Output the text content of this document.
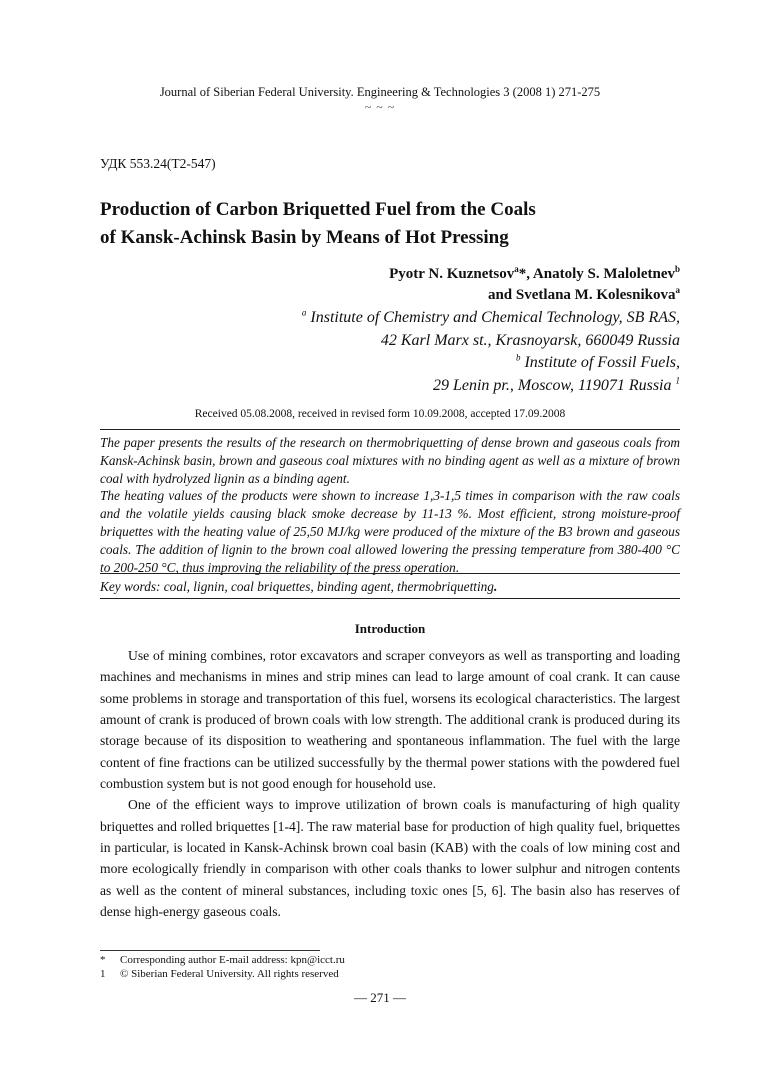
Journal of Siberian Federal University. Engineering & Technologies 3 (2008 1) 271-275
~ ~ ~
УДК 553.24(Т2-547)
Production of Carbon Briquetted Fuel from the Coals
of Kansk-Achinsk Basin by Means of Hot Pressing
Pyotr N. Kuznetsov$^a$*, Anatoly S. Maloletnev$^b$
and Svetlana M. Kolesnikova$^a$
$^a$ Institute of Chemistry and Chemical Technology, SB RAS,
42 Karl Marx st., Krasnoyarsk, 660049 Russia
$^b$ Institute of Fossil Fuels,
29 Lenin pr., Moscow, 119071 Russia $^1$
Received 05.08.2008, received in revised form 10.09.2008, accepted 17.09.2008

The paper presents the results of the research on thermobriquetting of dense brown and gaseous coals from Kansk-Achinsk basin, brown and gaseous coal mixtures with no binding agent as well as a mixture of brown coal with hydrolyzed lignin as a binding agent.

The heating values of the products were shown to increase 1,3-1,5 times in comparison with the raw coals and the volatile yields causing black smoke decrease by 11-13 %. Most efficient, strong moisture-proof briquettes with the heating value of 25,50 MJ/kg were produced of the mixture of the B3 brown and gaseous coals. The addition of lignin to the brown coal allowed lowering the pressing temperature from 380-400 °C to 200-250 °C, thus improving the reliability of the press operation.

Key words: coal, lignin, coal briquettes, binding agent, thermobriquetting.
Introduction

Use of mining combines, rotor excavators and scraper conveyors as well as transporting and loading machines and mechanisms in mines and strip mines can lead to large amount of coal crank. It can cause some problems in storage and transportation of this fuel, worsens its ecological characteristics. The largest amount of crank is produced of brown coals with low strength. The additional crank is produced during its storage because of its disposition to weathering and spontaneous inflammation. The fuel with the large content of fine fractions can be utilized successfully by the thermal power stations with the powdered fuel combustion system but is not good enough for household use.

One of the efficient ways to improve utilization of brown coals is manufacturing of high quality briquettes and rolled briquettes [1-4]. The raw material base for production of high quality fuel, briquettes in particular, is located in Kansk-Achinsk brown coal basin (KAB) with the coals of low mining cost and more ecologically friendly in comparison with other coals thanks to lower sulphur and nitrogen contents as well as the content of mineral substances, including toxic ones [5, 6]. The basin also has reserves of dense high-energy gaseous coals.

* Corresponding author E-mail address: kpn@icct.ru
1 © Siberian Federal University. All rights reserved
— 271 —
